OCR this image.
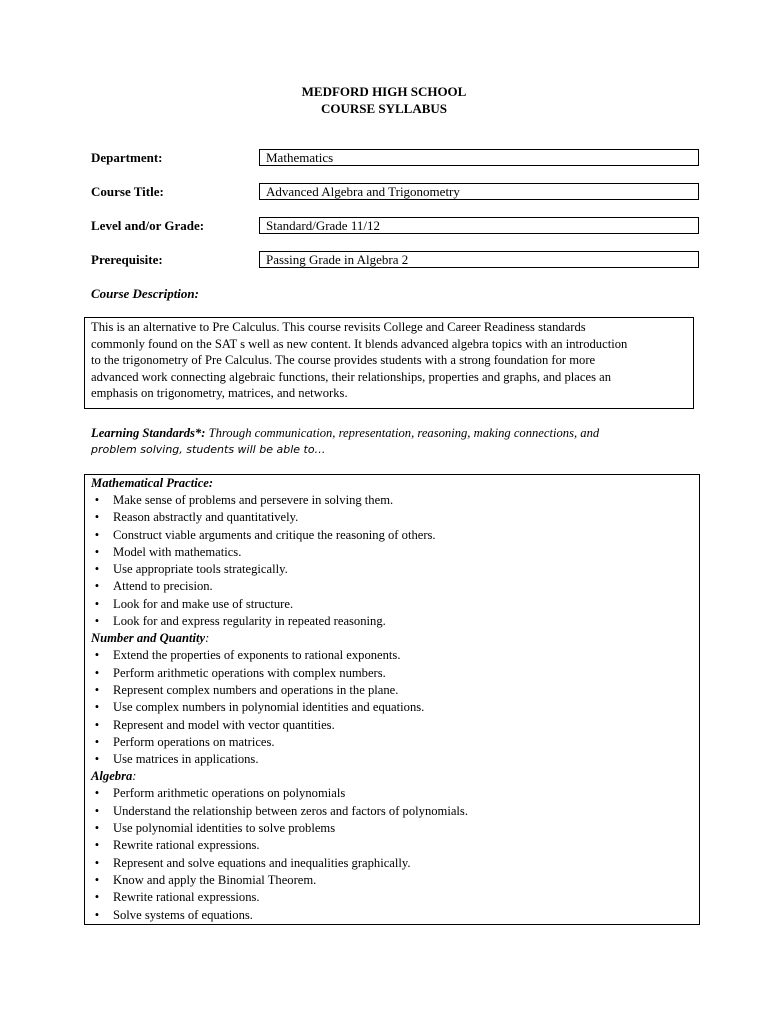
MEDFORD HIGH SCHOOL
COURSE SYLLABUS
Department:	Mathematics
Course Title:	Advanced Algebra and Trigonometry
Level and/or Grade:	Standard/Grade 11/12
Prerequisite:	Passing Grade in Algebra 2
Course Description:
This is an alternative to Pre Calculus. This course revisits College and Career Readiness standards
commonly found on the SAT s well as new content. It blends advanced algebra topics with an introduction
to the trigonometry of Pre Calculus. The course provides students with a strong foundation for more
advanced work connecting algebraic functions, their relationships, properties and graphs, and places an
emphasis on trigonometry, matrices, and networks.
Learning Standards*: Through communication, representation, reasoning, making connections, and
problem solving, students will be able to…
Mathematical Practice:
•	Make sense of problems and persevere in solving them.
•	Reason abstractly and quantitatively.
•	Construct viable arguments and critique the reasoning of others.
•	Model with mathematics.
•	Use appropriate tools strategically.
•	Attend to precision.
•	Look for and make use of structure.
•	Look for and express regularity in repeated reasoning.
Number and Quantity:
•	Extend the properties of exponents to rational exponents.
•	Perform arithmetic operations with complex numbers.
•	Represent complex numbers and operations in the plane.
•	Use complex numbers in polynomial identities and equations.
•	Represent and model with vector quantities.
•	Perform operations on matrices.
•	Use matrices in applications.
Algebra:
•	Perform arithmetic operations on polynomials
•	Understand the relationship between zeros and factors of polynomials.
•	Use polynomial identities to solve problems
•	Rewrite rational expressions.
•	Represent and solve equations and inequalities graphically.
•	Know and apply the Binomial Theorem.
•	Rewrite rational expressions.
•	Solve systems of equations.
